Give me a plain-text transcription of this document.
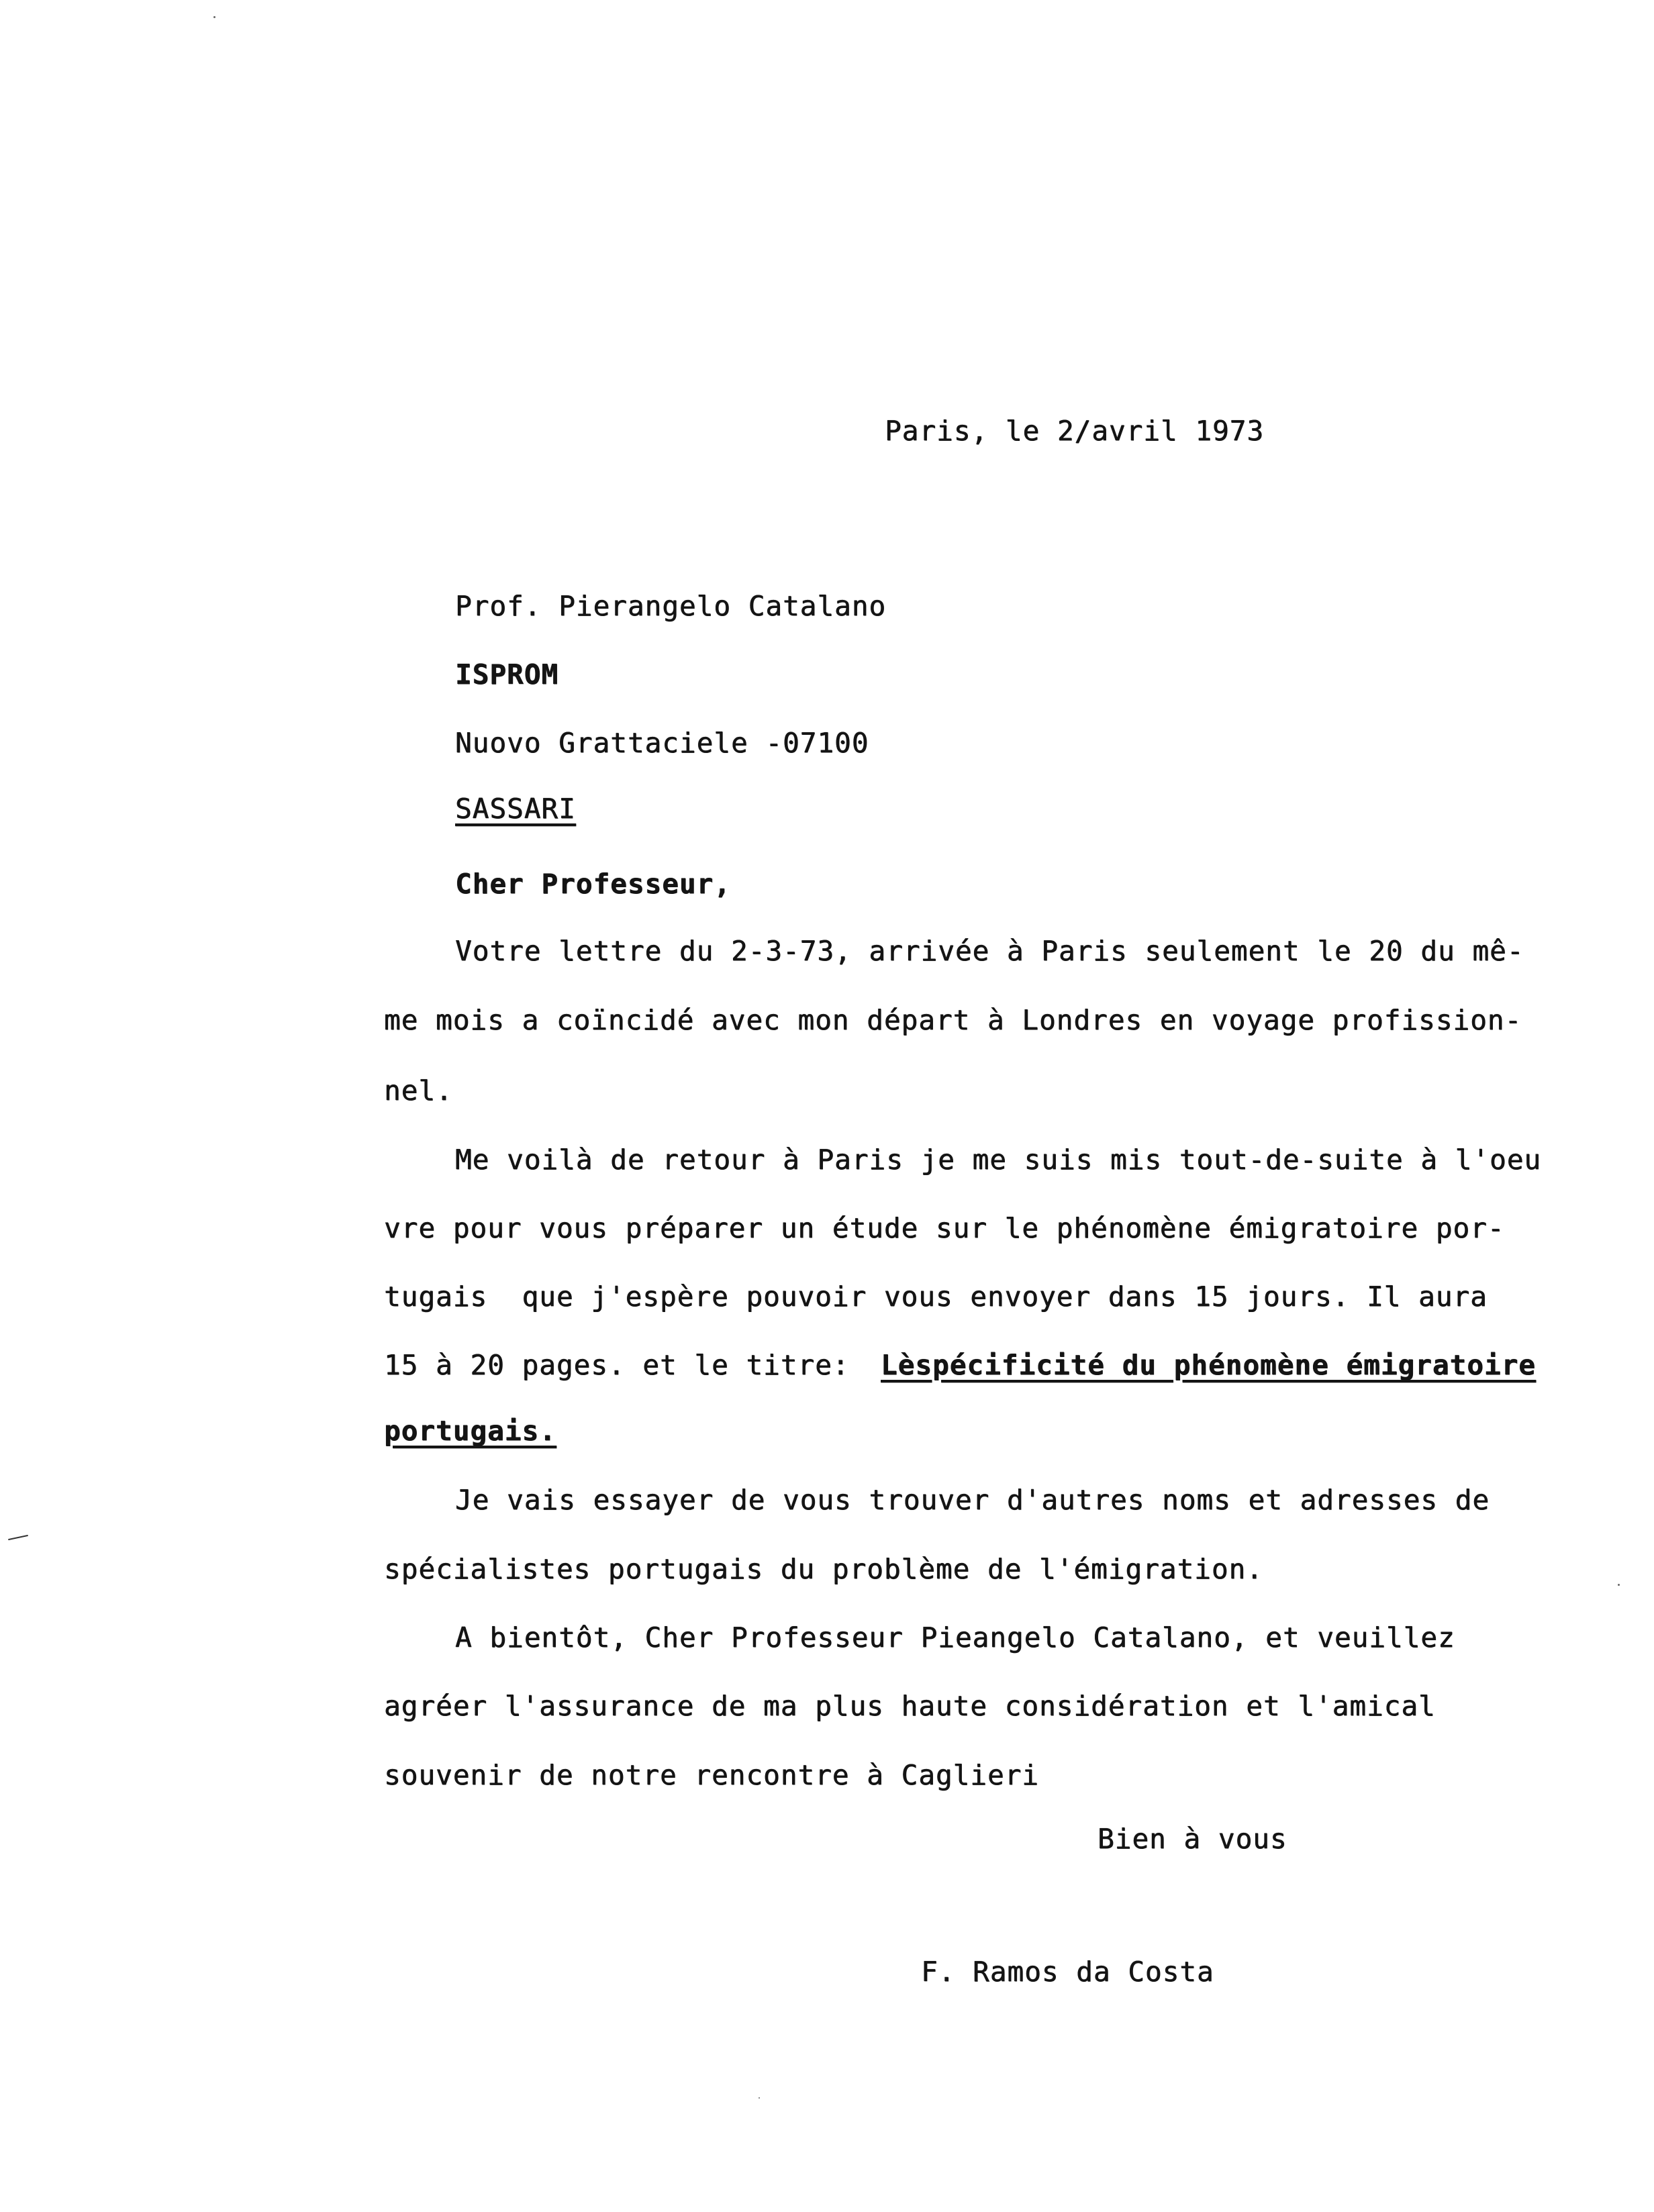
Paris, le 2/avril 1973
Prof. Pierangelo Catalano
ISPROM
Nuovo Grattaciele -07100
SASSARI
Cher Professeur,
Votre lettre du 2-3-73, arrivée à Paris seulement le 20 du mê-
me mois a coïncidé avec mon départ à Londres en voyage profission-
nel.
Me voilà de retour à Paris je me suis mis tout-de-suite à l'oeu
vre pour vous préparer un étude sur le phénomène émigratoire por-
tugais  que j'espère pouvoir vous envoyer dans 15 jours. Il aura
15 à 20 pages. et le titre: Lèspécificité du phénomène émigratoire
portugais.
Je vais essayer de vous trouver d'autres noms et adresses de
spécialistes portugais du problème de l'émigration.
A bientôt, Cher Professeur Pieangelo Catalano, et veuillez
agréer l'assurance de ma plus haute considération et l'amical
souvenir de notre rencontre à Caglieri
Bien à vous
F. Ramos da Costa
